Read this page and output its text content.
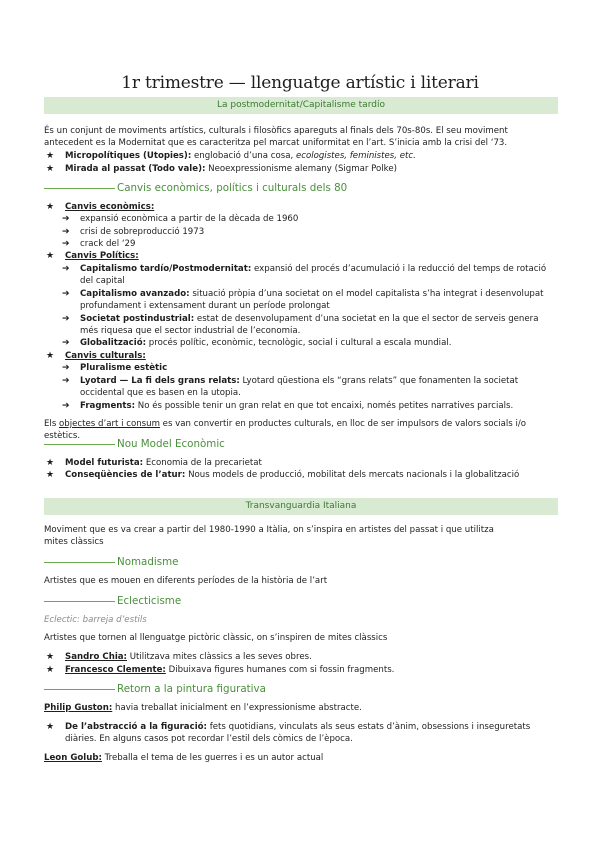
1r trimestre — llenguatge artístic i literari
La postmodernitat/Capitalisme tardío
És un conjunt de moviments artístics, culturals i filosòfics apareguts al finals dels 70s-80s. El seu moviment antecedent es la Modernitat que es caracteritza pel marcat uniformitat en l’art. S’inicia amb la crisi del ‘73.
★ Micropolítiques (Utopies): englobació d’una cosa, ecologistes, feministes, etc.
★ Mirada al passat (Todo vale): Neoexpressionisme alemany (Sigmar Polke)
Canvis econòmics, polítics i culturals dels 80
★ Canvis econòmics:
➔ expansió econòmica a partir de la dècada de 1960
➔ crisi de sobreproducció 1973
➔ crack del ‘29
★ Canvis Polítics:
➔ Capitalismo tardío/Postmodernitat: expansió del procés d’acumulació i la reducció del temps de rotació del capital
➔ Capitalismo avanzado: situació pròpia d’una societat on el model capitalista s’ha integrat i desenvolupat profundament i extensament durant un període prolongat
➔ Societat postindustrial: estat de desenvolupament d’una societat en la que el sector de serveis genera més riquesa que el sector industrial de l’economia.
➔ Globalització: procés polític, econòmic, tecnològic, social i cultural a escala mundial.
★ Canvis culturals:
➔ Pluralisme estètic
➔ Lyotard — La fi dels grans relats: Lyotard qüestiona els “grans relats” que fonamenten la societat occidental que es basen en la utopia.
➔ Fragments: No és possible tenir un gran relat en que tot encaixi, només petites narratives parcials.
Els objectes d’art i consum es van convertir en productes culturals, en lloc de ser impulsors de valors socials i/o estètics.
Nou Model Econòmic
★ Model futurista: Economia de la precarietat
★ Conseqüències de l’atur: Nous models de producció, mobilitat dels mercats nacionals i la globalització
Transvanguardia Italiana
Moviment que es va crear a partir del 1980-1990 a Itàlia, on s’inspira en artistes del passat i que utilitza mites clàssics
Nomadisme
Artistes que es mouen en diferents períodes de la història de l’art
Eclecticisme
Eclectic: barreja d’estils
Artistes que tornen al llenguatge pictòric clàssic, on s’inspiren de mites clàssics
★ Sandro Chia: Utilitzava mites clàssics a les seves obres.
★ Francesco Clemente: Dibuixava figures humanes com si fossin fragments.
Retorn a la pintura figurativa
Philip Guston: havia treballat inicialment en l’expressionisme abstracte.
★ De l’abstracció a la figuració: fets quotidians, vinculats als seus estats d’ànim, obsessions i inseguretats diàries. En alguns casos pot recordar l’estil dels còmics de l’època.
Leon Golub: Treballa el tema de les guerres i es un autor actual
